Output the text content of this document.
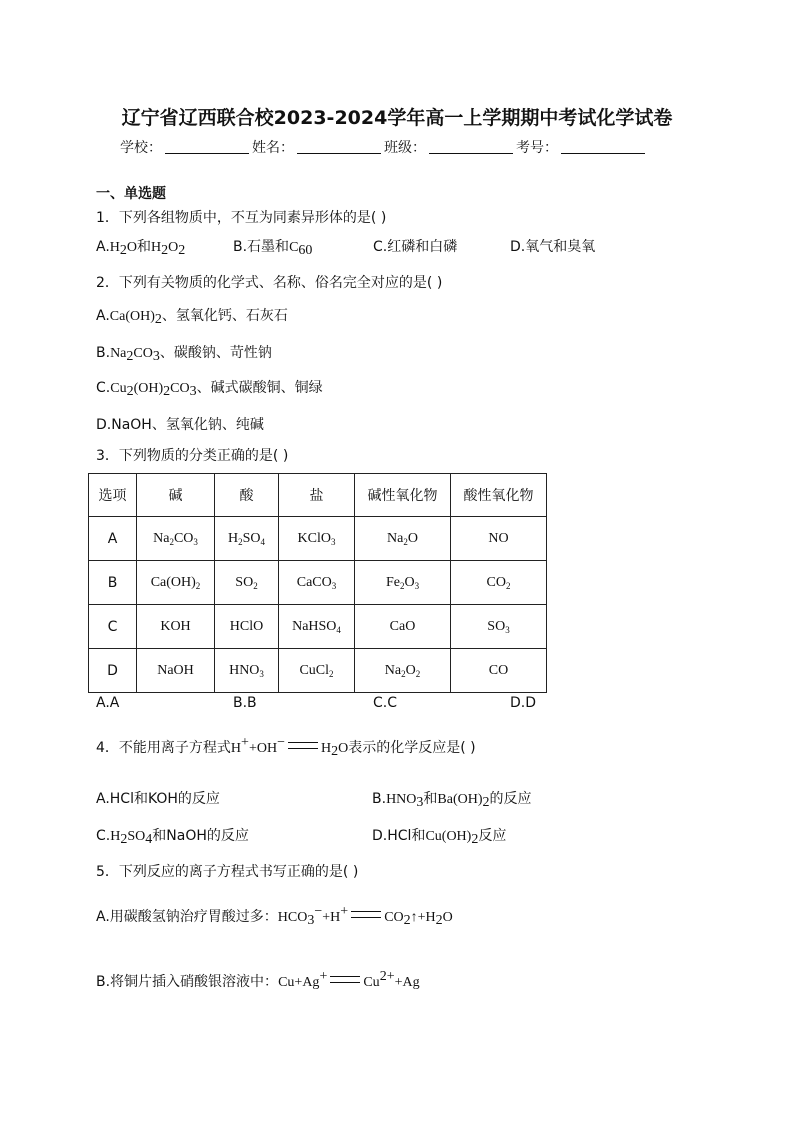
辽宁省辽西联合校2023-2024学年高一上学期期中考试化学试卷
学校：	姓名：	班级：	考号：
一、单选题
1．下列各组物质中，不互为同素异形体的是( )
$A.H_2O$和$H_2O_2$	B.石墨和$C_{60}$	C.红磷和白磷	D.氧气和臭氧
2．下列有关物质的化学式、名称、俗名完全对应的是( )
$A.Ca(OH)_2$、氢氧化钙、石灰石
$B.Na_2CO_3$、碳酸钠、苛性钠
$C.Cu_2(OH)_2CO_3$、碱式碳酸铜、铜绿
D.NaOH、氢氧化钠、纯碱
3．下列物质的分类正确的是( )
选项	碱	酸	盐	碱性氧化物	酸性氧化物
A	$Na_2CO_3$	$H_2SO_4$	KClO$_3$	$Na_2O$	NO
B	$Ca(OH)_2$	$SO_2$	CaCO$_3$	$Fe_2O_3$	$CO_2$
C	KOH	HClO	NaHSO$_4$	CaO	$SO_3$
D	NaOH	$HNO_3$	CuCl$_2$	$Na_2O_2$	CO
A.A	B.B	C.C	D.D
4．不能用离子方程式H++OH−	$H_2O$表示的化学反应是( )
A.HCl和KOH的反应	$B.HNO_3$和$Ba(OH)_2$的反应
$C.H_2SO_4$和NaOH的反应	D.HCl和$Cu(OH)_2$反应
5．下列反应的离子方程式书写正确的是( )
A.用碳酸氢钠治疗胃酸过多：$HCO_3^-+H^+$	$CO_2↑+H_2O$
B.将铜片插入硝酸银溶液中：Cu+Ag+	$Cu^{2+}+Ag$
